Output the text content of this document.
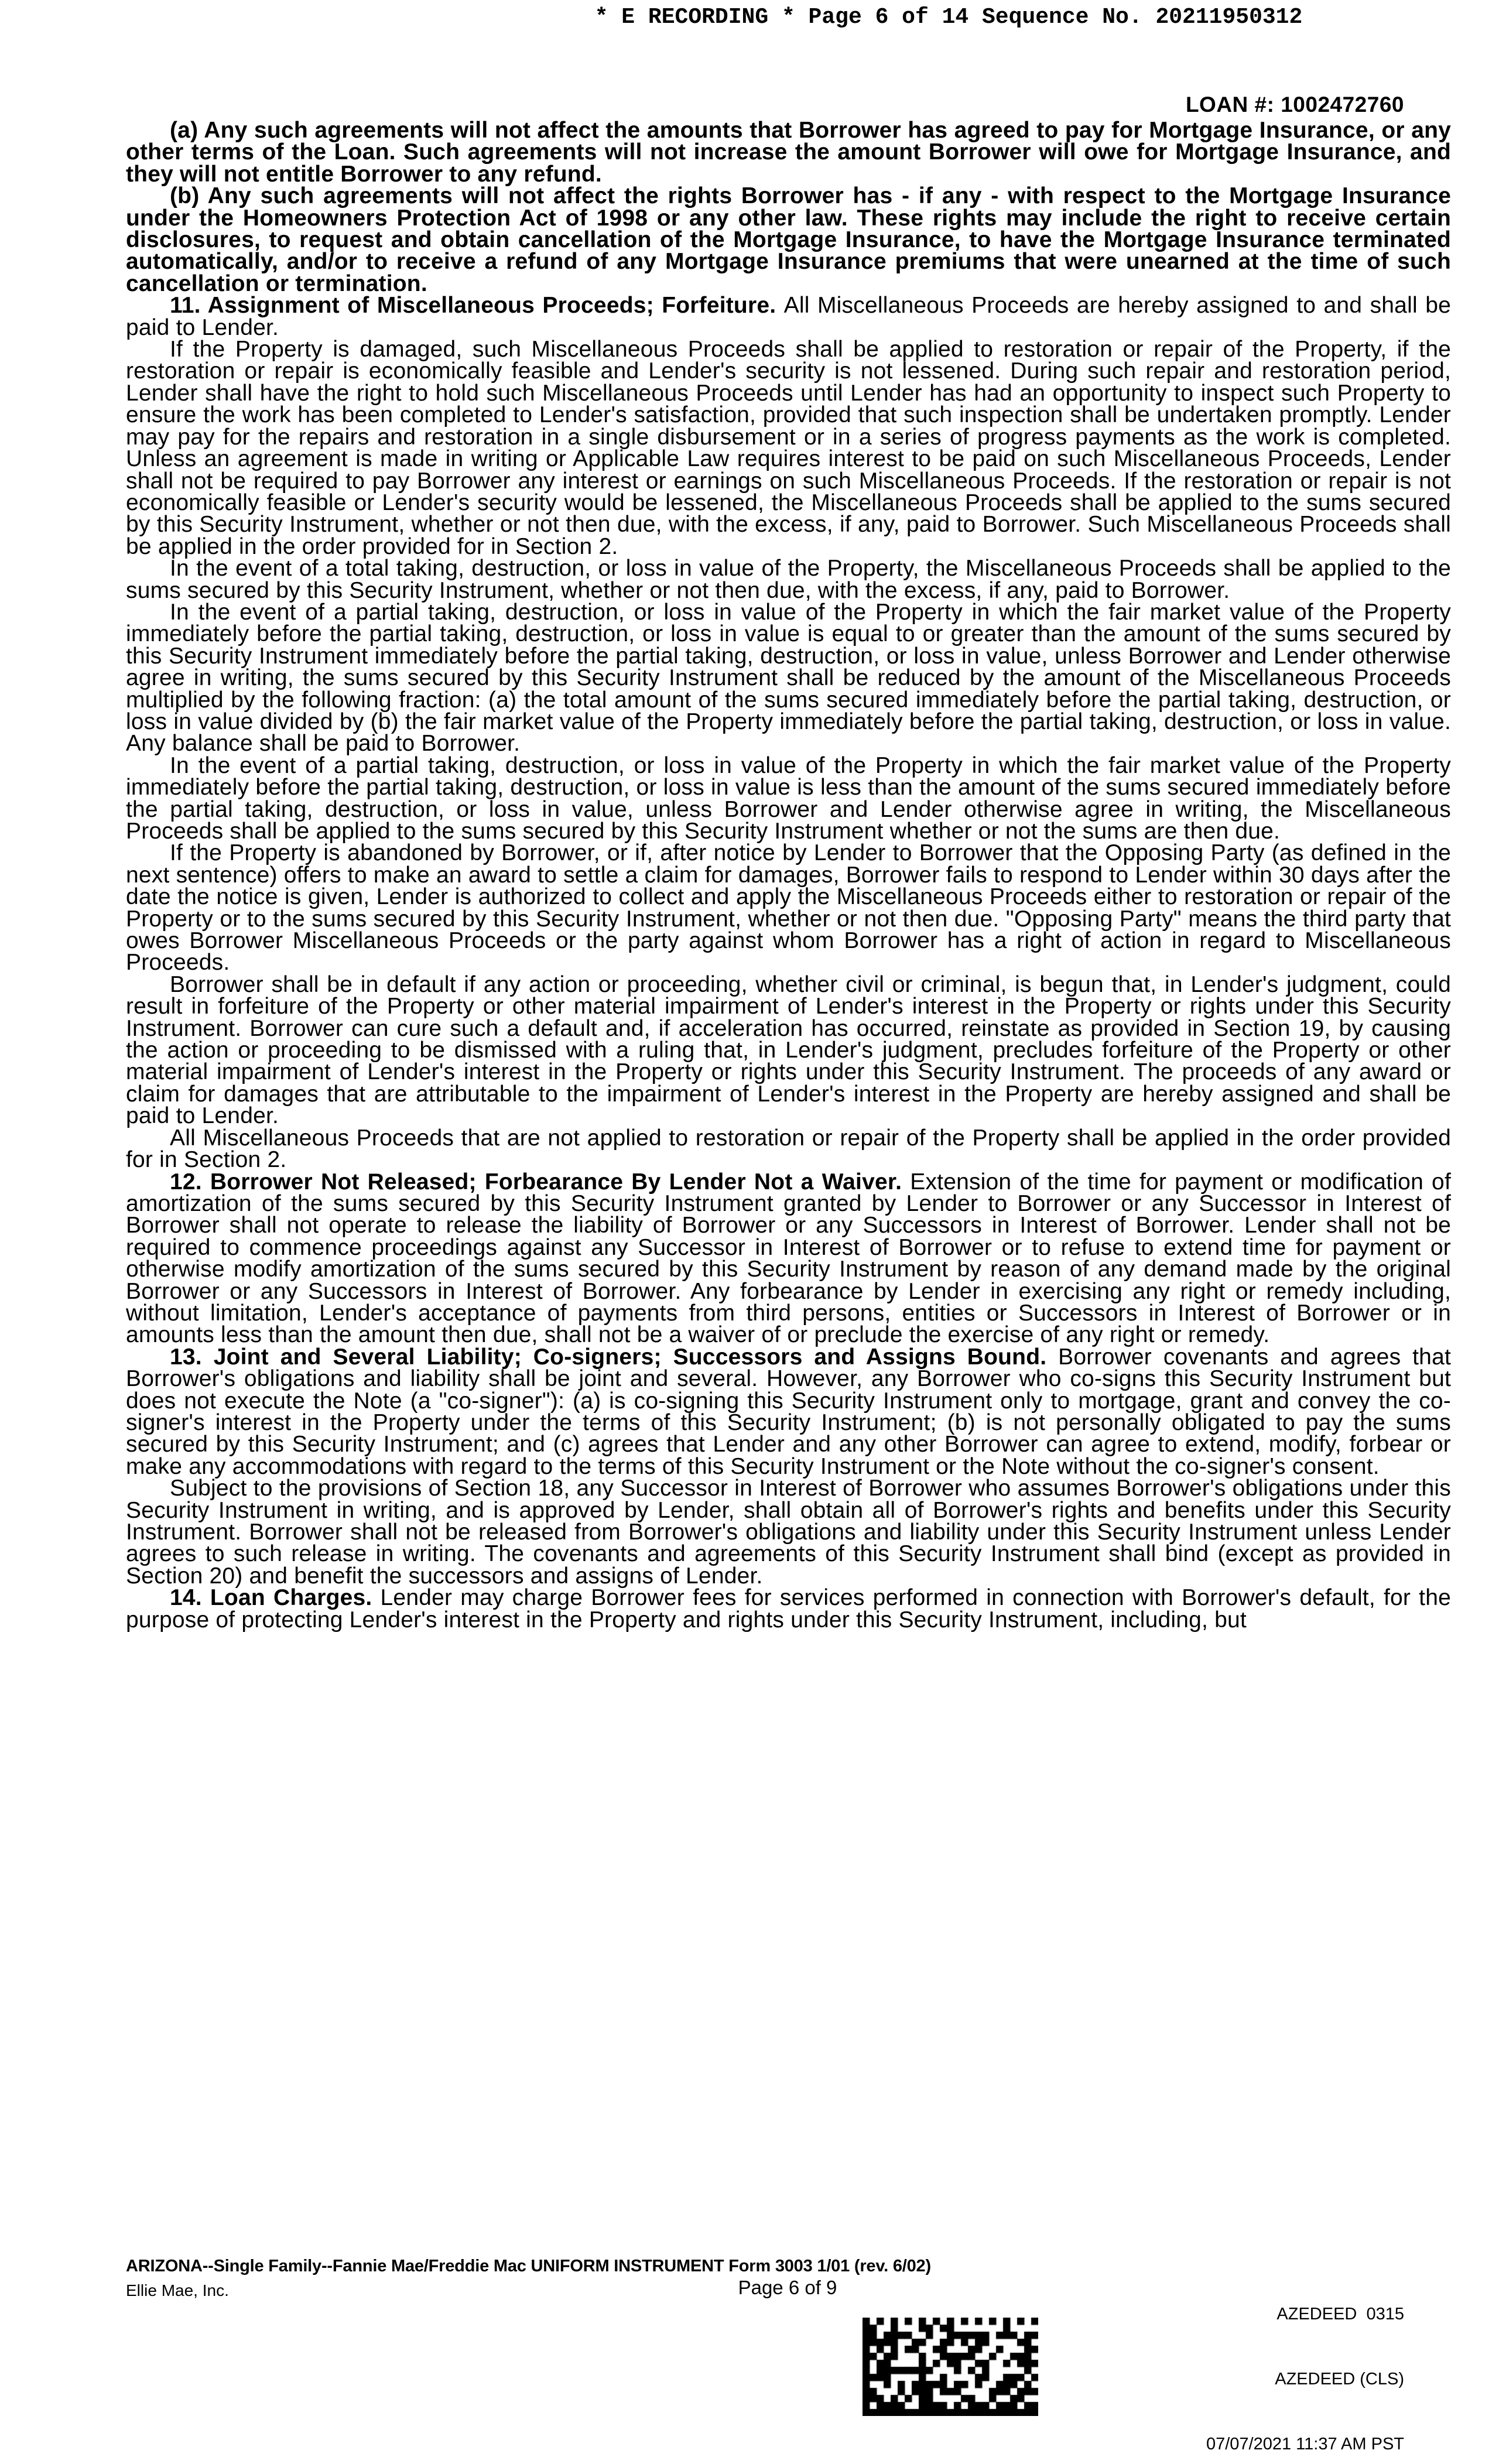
* E RECORDING * Page 6 of 14 Sequence No. 20211950312
LOAN #: 1002472760

(a) Any such agreements will not affect the amounts that Borrower has agreed to pay for Mortgage Insurance, or any other terms of the Loan. Such agreements will not increase the amount Borrower will owe for Mortgage Insurance, and they will not entitle Borrower to any refund.

(b) Any such agreements will not affect the rights Borrower has - if any - with respect to the Mortgage Insurance under the Homeowners Protection Act of 1998 or any other law. These rights may include the right to receive certain disclosures, to request and obtain cancellation of the Mortgage Insurance, to have the Mortgage Insurance terminated automatically, and/or to receive a refund of any Mortgage Insurance premiums that were unearned at the time of such cancellation or termination.

11. Assignment of Miscellaneous Proceeds; Forfeiture. All Miscellaneous Proceeds are hereby assigned to and shall be paid to Lender.

If the Property is damaged, such Miscellaneous Proceeds shall be applied to restoration or repair of the Property, if the restoration or repair is economically feasible and Lender's security is not lessened. During such repair and restoration period, Lender shall have the right to hold such Miscellaneous Proceeds until Lender has had an opportunity to inspect such Property to ensure the work has been completed to Lender's satisfaction, provided that such inspection shall be undertaken promptly. Lender may pay for the repairs and restoration in a single disbursement or in a series of progress payments as the work is completed. Unless an agreement is made in writing or Applicable Law requires interest to be paid on such Miscellaneous Proceeds, Lender shall not be required to pay Borrower any interest or earnings on such Miscellaneous Proceeds. If the restoration or repair is not economically feasible or Lender's security would be lessened, the Miscellaneous Proceeds shall be applied to the sums secured by this Security Instrument, whether or not then due, with the excess, if any, paid to Borrower. Such Miscellaneous Proceeds shall be applied in the order provided for in Section 2.

In the event of a total taking, destruction, or loss in value of the Property, the Miscellaneous Proceeds shall be applied to the sums secured by this Security Instrument, whether or not then due, with the excess, if any, paid to Borrower.

In the event of a partial taking, destruction, or loss in value of the Property in which the fair market value of the Property immediately before the partial taking, destruction, or loss in value is equal to or greater than the amount of the sums secured by this Security Instrument immediately before the partial taking, destruction, or loss in value, unless Borrower and Lender otherwise agree in writing, the sums secured by this Security Instrument shall be reduced by the amount of the Miscellaneous Proceeds multiplied by the following fraction: (a) the total amount of the sums secured immediately before the partial taking, destruction, or loss in value divided by (b) the fair market value of the Property immediately before the partial taking, destruction, or loss in value. Any balance shall be paid to Borrower.

In the event of a partial taking, destruction, or loss in value of the Property in which the fair market value of the Property immediately before the partial taking, destruction, or loss in value is less than the amount of the sums secured immediately before the partial taking, destruction, or loss in value, unless Borrower and Lender otherwise agree in writing, the Miscellaneous Proceeds shall be applied to the sums secured by this Security Instrument whether or not the sums are then due.

If the Property is abandoned by Borrower, or if, after notice by Lender to Borrower that the Opposing Party (as defined in the next sentence) offers to make an award to settle a claim for damages, Borrower fails to respond to Lender within 30 days after the date the notice is given, Lender is authorized to collect and apply the Miscellaneous Proceeds either to restoration or repair of the Property or to the sums secured by this Security Instrument, whether or not then due. "Opposing Party" means the third party that owes Borrower Miscellaneous Proceeds or the party against whom Borrower has a right of action in regard to Miscellaneous Proceeds.

Borrower shall be in default if any action or proceeding, whether civil or criminal, is begun that, in Lender's judgment, could result in forfeiture of the Property or other material impairment of Lender's interest in the Property or rights under this Security Instrument. Borrower can cure such a default and, if acceleration has occurred, reinstate as provided in Section 19, by causing the action or proceeding to be dismissed with a ruling that, in Lender's judgment, precludes forfeiture of the Property or other material impairment of Lender's interest in the Property or rights under this Security Instrument. The proceeds of any award or claim for damages that are attributable to the impairment of Lender's interest in the Property are hereby assigned and shall be paid to Lender.

All Miscellaneous Proceeds that are not applied to restoration or repair of the Property shall be applied in the order provided for in Section 2.

12. Borrower Not Released; Forbearance By Lender Not a Waiver. Extension of the time for payment or modification of amortization of the sums secured by this Security Instrument granted by Lender to Borrower or any Successor in Interest of Borrower shall not operate to release the liability of Borrower or any Successors in Interest of Borrower. Lender shall not be required to commence proceedings against any Successor in Interest of Borrower or to refuse to extend time for payment or otherwise modify amortization of the sums secured by this Security Instrument by reason of any demand made by the original Borrower or any Successors in Interest of Borrower. Any forbearance by Lender in exercising any right or remedy including, without limitation, Lender's acceptance of payments from third persons, entities or Successors in Interest of Borrower or in amounts less than the amount then due, shall not be a waiver of or preclude the exercise of any right or remedy.

13. Joint and Several Liability; Co-signers; Successors and Assigns Bound. Borrower covenants and agrees that Borrower's obligations and liability shall be joint and several. However, any Borrower who co-signs this Security Instrument but does not execute the Note (a "co-signer"): (a) is co-signing this Security Instrument only to mortgage, grant and convey the co-signer's interest in the Property under the terms of this Security Instrument; (b) is not personally obligated to pay the sums secured by this Security Instrument; and (c) agrees that Lender and any other Borrower can agree to extend, modify, forbear or make any accommodations with regard to the terms of this Security Instrument or the Note without the co-signer's consent.

Subject to the provisions of Section 18, any Successor in Interest of Borrower who assumes Borrower's obligations under this Security Instrument in writing, and is approved by Lender, shall obtain all of Borrower's rights and benefits under this Security Instrument. Borrower shall not be released from Borrower's obligations and liability under this Security Instrument unless Lender agrees to such release in writing. The covenants and agreements of this Security Instrument shall bind (except as provided in Section 20) and benefit the successors and assigns of Lender.

14. Loan Charges. Lender may charge Borrower fees for services performed in connection with Borrower's default, for the purpose of protecting Lender's interest in the Property and rights under this Security Instrument, including, but

ARIZONA--Single Family--Fannie Mae/Freddie Mac UNIFORM INSTRUMENT Form 3003 1/01 (rev. 6/02)
Ellie Mae, Inc.	Page 6 of 9

AZEDEED  0315

AZEDEED (CLS)

07/07/2021 11:37 AM PST
